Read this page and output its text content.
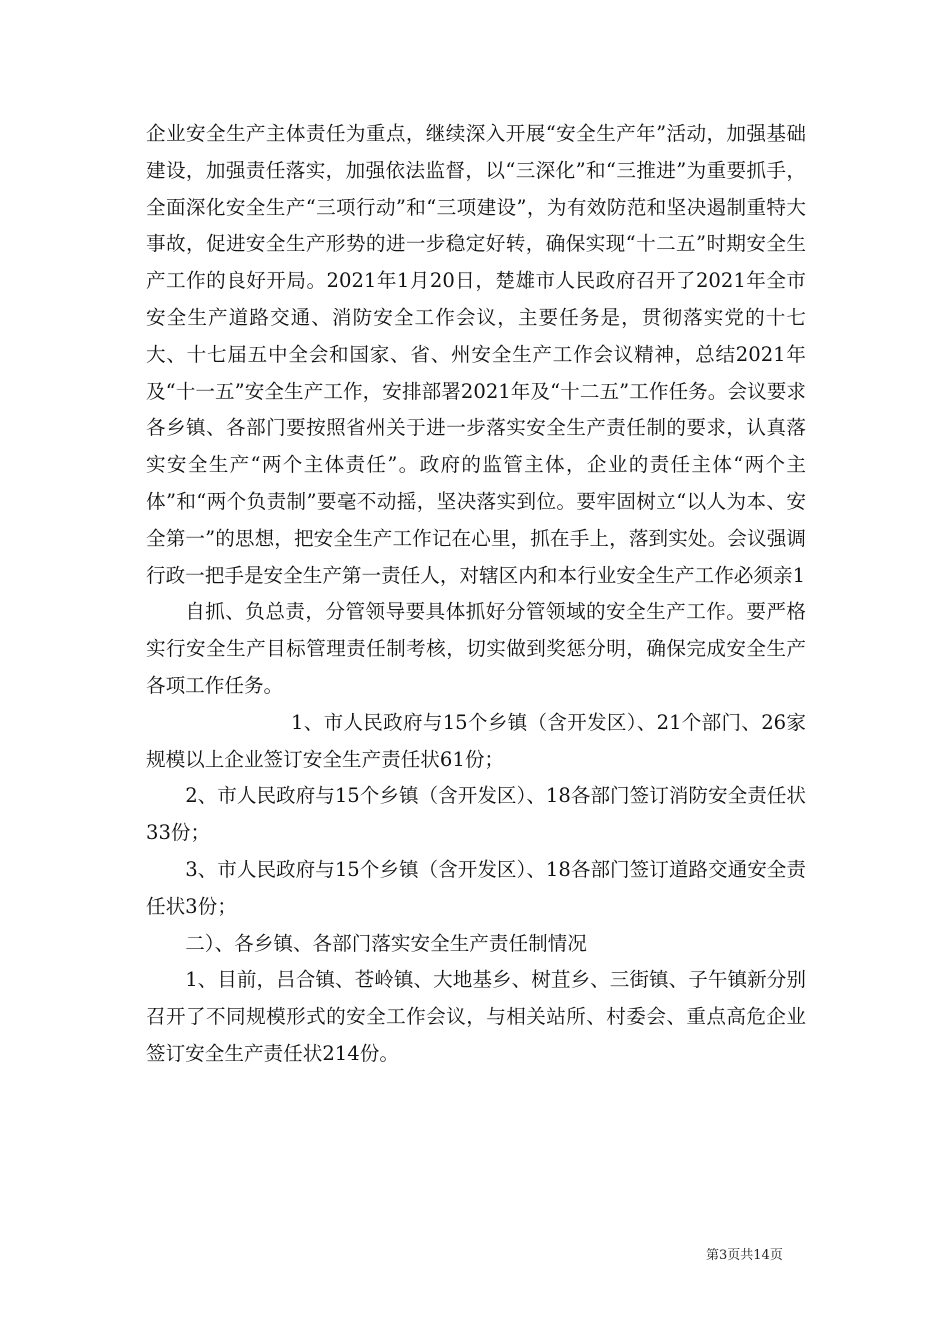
企业安全生产主体责任为重点，继续深入开展“安全生产年”活动，加强基础建设，加强责任落实，加强依法监督，以“三深化”和“三推进”为重要抓手，全面深化安全生产“三项行动”和“三项建设”，为有效防范和坚决遏制重特大事故，促进安全生产形势的进一步稳定好转，确保实现“十二五”时期安全生产工作的良好开局。2021年1月20日，楚雄市人民政府召开了2021年全市安全生产道路交通、消防安全工作会议，主要任务是，贯彻落实党的十七大、十七届五中全会和国家、省、州安全生产工作会议精神，总结2021年及“十一五”安全生产工作，安排部署2021年及“十二五”工作任务。会议要求各乡镇、各部门要按照省州关于进一步落实安全生产责任制的要求，认真落实安全生产“两个主体责任”。政府的监管主体，企业的责任主体“两个主体”和“两个负责制”要毫不动摇，坚决落实到位。要牢固树立“以人为本、安全第一”的思想，把安全生产工作记在心里，抓在手上，落到实处。会议强调行政一把手是安全生产第一责任人，对辖区内和本行业安全生产工作必须亲1

自抓、负总责，分管领导要具体抓好分管领域的安全生产工作。要严格实行安全生产目标管理责任制考核，切实做到奖惩分明，确保完成安全生产各项工作任务。

1、市人民政府与15个乡镇（含开发区）、21个部门、26家规模以上企业签订安全生产责任状61份；

2、市人民政府与15个乡镇（含开发区）、18各部门签订消防安全责任状33份；

3、市人民政府与15个乡镇（含开发区）、18各部门签订道路交通安全责任状3份；

二）、各乡镇、各部门落实安全生产责任制情况

1、目前，吕合镇、苍岭镇、大地基乡、树苴乡、三街镇、子午镇新分别召开了不同规模形式的安全工作会议，与相关站所、村委会、重点高危企业签订安全生产责任状214份。

第3页共14页
